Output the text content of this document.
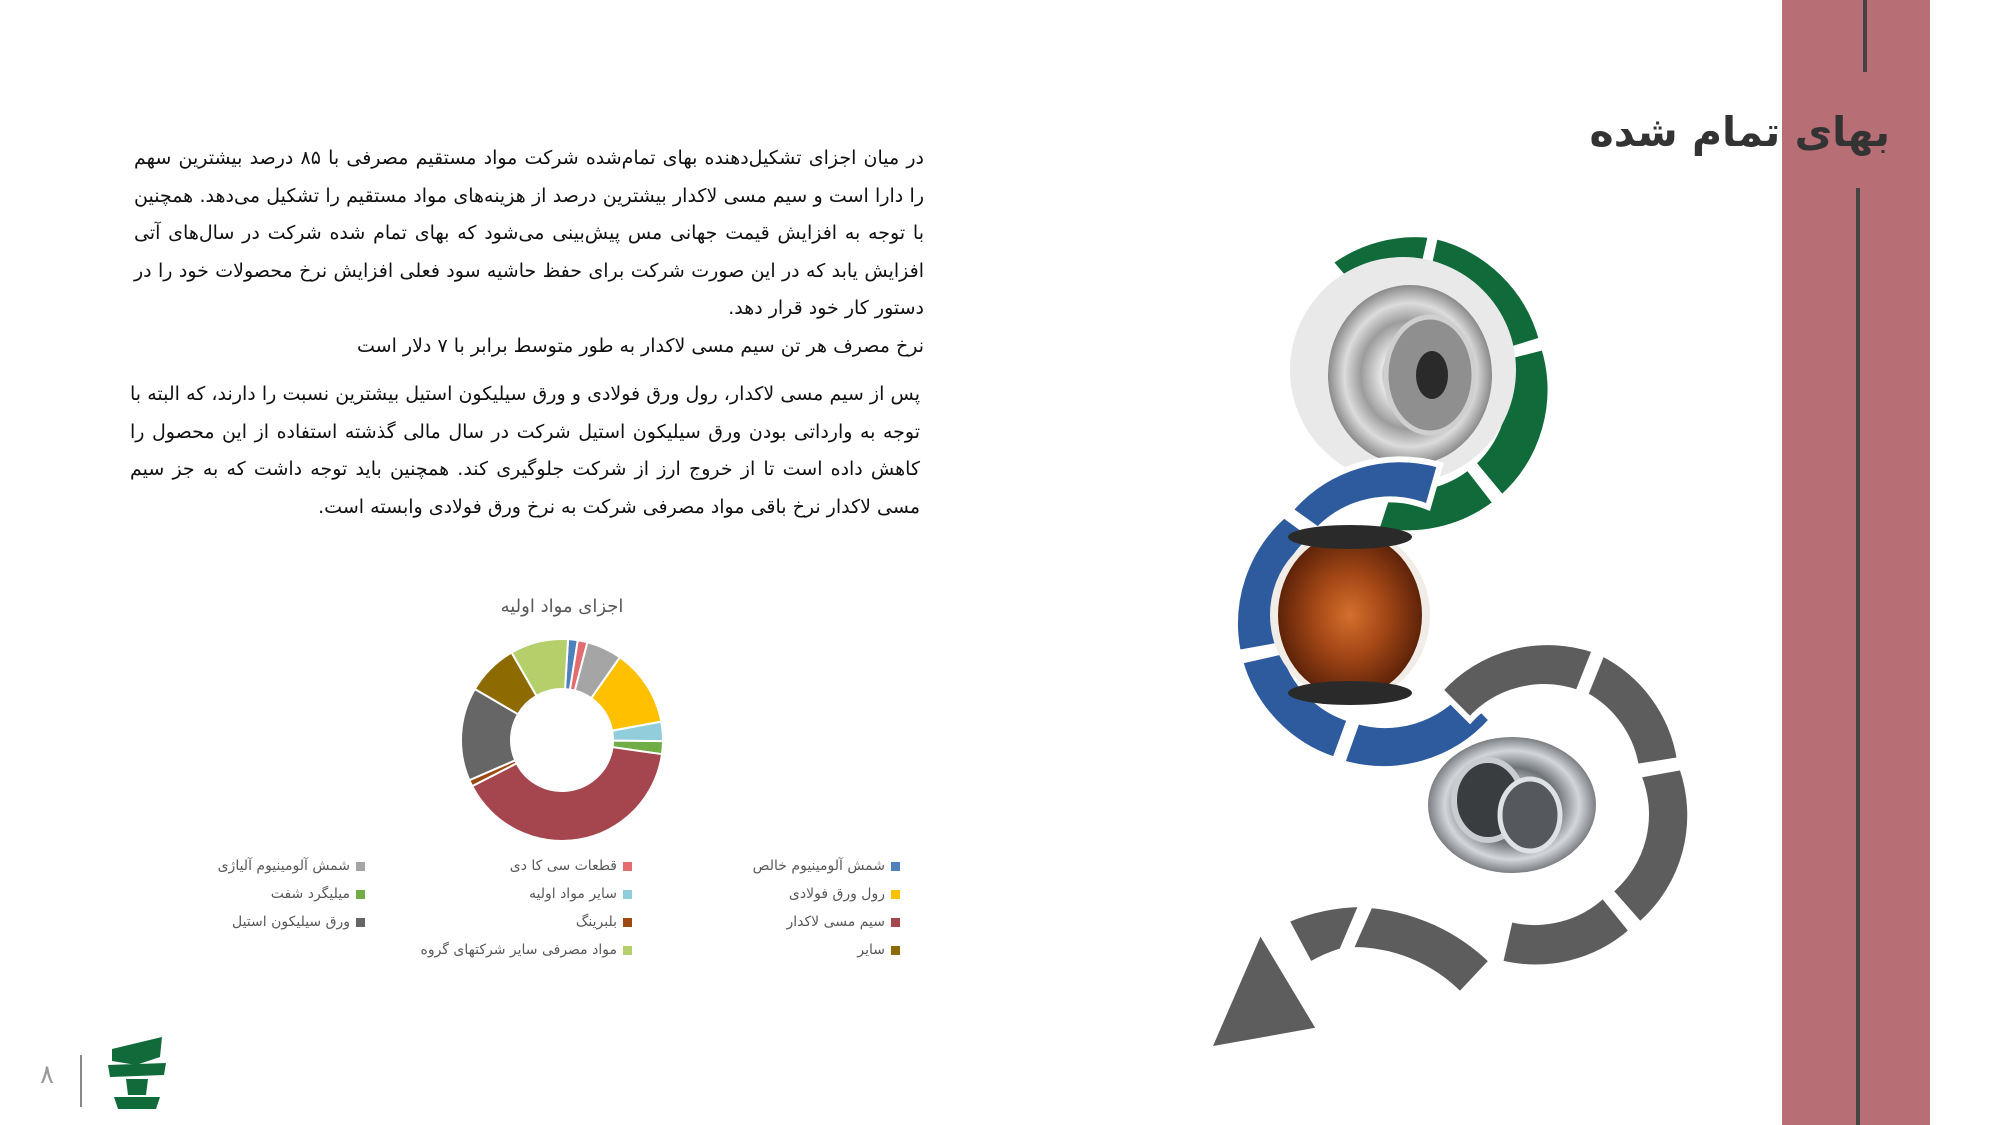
بهای تمام شده

در میان اجزای تشکیل‌دهنده بهای تمام‌شده شرکت مواد مستقیم مصرفی با ۸۵ درصد بیشترین سهم را دارا است و سیم مسی لاکدار بیشترین درصد از هزینه‌های مواد مستقیم را تشکیل می‌دهد. همچنین با توجه به افزایش قیمت جهانی مس پیش‌بینی می‌شود که بهای تمام شده شرکت در سال‌های آتی افزایش یابد که در این صورت شرکت برای حفظ حاشیه سود فعلی افزایش نرخ محصولات خود را در دستور کار خود قرار دهد.

نرخ مصرف هر تن سیم مسی لاکدار به طور متوسط برابر با ۷ دلار است

پس از سیم مسی لاکدار، رول ورق فولادی و ورق سیلیکون استیل بیشترین نسبت را دارند، که البته با توجه به وارداتی بودن ورق سیلیکون استیل شرکت در سال مالی گذشته استفاده از این محصول را کاهش داده است تا از خروج ارز از شرکت جلوگیری کند. همچنین باید توجه داشت که به جز سیم مسی لاکدار نرخ باقی مواد مصرفی شرکت به نرخ ورق فولادی وابسته است.

اجزای مواد اولیه
شمش آلومینیوم خالص
قطعات سی کا دی
شمش آلومینیوم آلیاژی
رول ورق فولادی
سایر مواد اولیه
میلیگرد شفت
سیم مسی لاکدار
بلبرینگ
ورق سیلیکون استیل
سایر
مواد مصرفی سایر شرکتهای گروه
۸
